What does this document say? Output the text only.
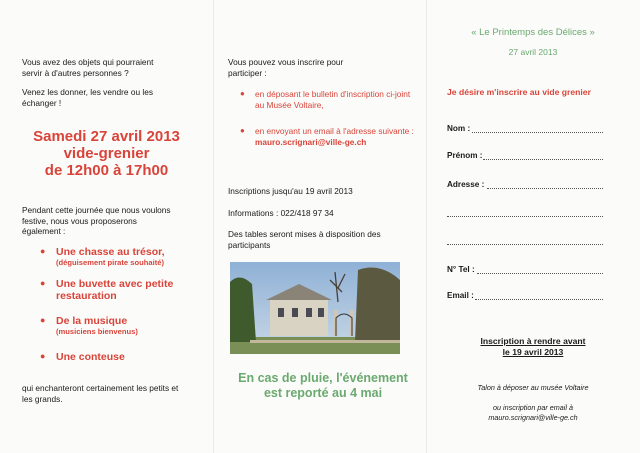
Vous avez des objets qui pourraient servir à d'autres personnes ?
Venez les donner, les vendre ou les échanger !
Samedi 27 avril 2013
vide-grenier
de 12h00 à 17h00
Pendant cette journée que nous voulons festive, nous vous proposerons également :
● Une chasse au trésor,
(déguisement pirate souhaité)
● Une buvette avec petite restauration
● De la musique
(musiciens bienvenus)
● Une conteuse
qui enchanteront certainement les petits et les grands.
Vous pouvez vous inscrire pour participer :
● en déposant le bulletin d'inscription ci-joint au Musée Voltaire,
● en envoyant un email à l'adresse suivante :
mauro.scrignari@ville-ge.ch
Inscriptions jusqu'au 19 avril 2013
Informations : 022/418 97 34
Des tables seront mises à disposition des participants
En cas de pluie, l'événement est reporté au 4 mai
« Le Printemps des Délices »
27 avril 2013
Je désire m'inscrire au vide grenier
Nom :
Prénom :
Adresse :
N° Tel :
Email :
Inscription à rendre avant
le 19 avril 2013
Talon à déposer au musée Voltaire
ou inscription par email à
mauro.scrignari@ville-ge.ch
